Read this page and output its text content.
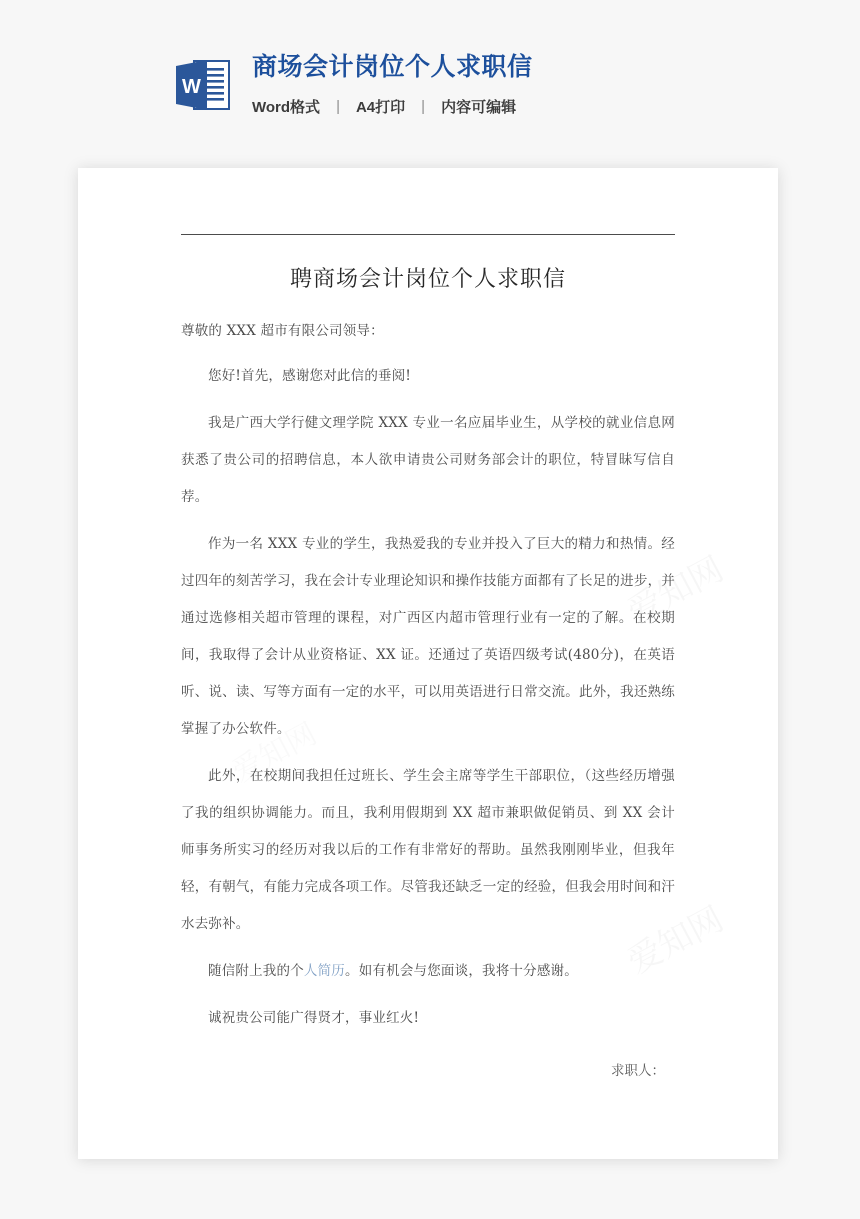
W
商场会计岗位个人求职信
Word格式	|	A4打印	|	内容可编辑
聘商场会计岗位个人求职信

尊敬的 XXX 超市有限公司领导：

您好!首先，感谢您对此信的垂阅!

我是广西大学行健文理学院 XXX 专业一名应届毕业生，从学校的就业信息网获悉了贵公司的招聘信息，本人欲申请贵公司财务部会计的职位，特冒昧写信自荐。

作为一名 XXX 专业的学生，我热爱我的专业并投入了巨大的精力和热情。经过四年的刻苦学习，我在会计专业理论知识和操作技能方面都有了长足的进步，并通过选修相关超市管理的课程，对广西区内超市管理行业有一定的了解。在校期间，我取得了会计从业资格证、XX 证。还通过了英语四级考试(480分)，在英语听、说、读、写等方面有一定的水平，可以用英语进行日常交流。此外，我还熟练掌握了办公软件。

此外，在校期间我担任过班长、学生会主席等学生干部职位，（这些经历增强了我的组织协调能力。而且，我利用假期到 XX 超市兼职做促销员、到 XX 会计师事务所实习的经历对我以后的工作有非常好的帮助。虽然我刚刚毕业，但我年轻，有朝气，有能力完成各项工作。尽管我还缺乏一定的经验，但我会用时间和汗水去弥补。

随信附上我的个人简历。如有机会与您面谈，我将十分感谢。

诚祝贵公司能广得贤才，事业红火!

求职人：
